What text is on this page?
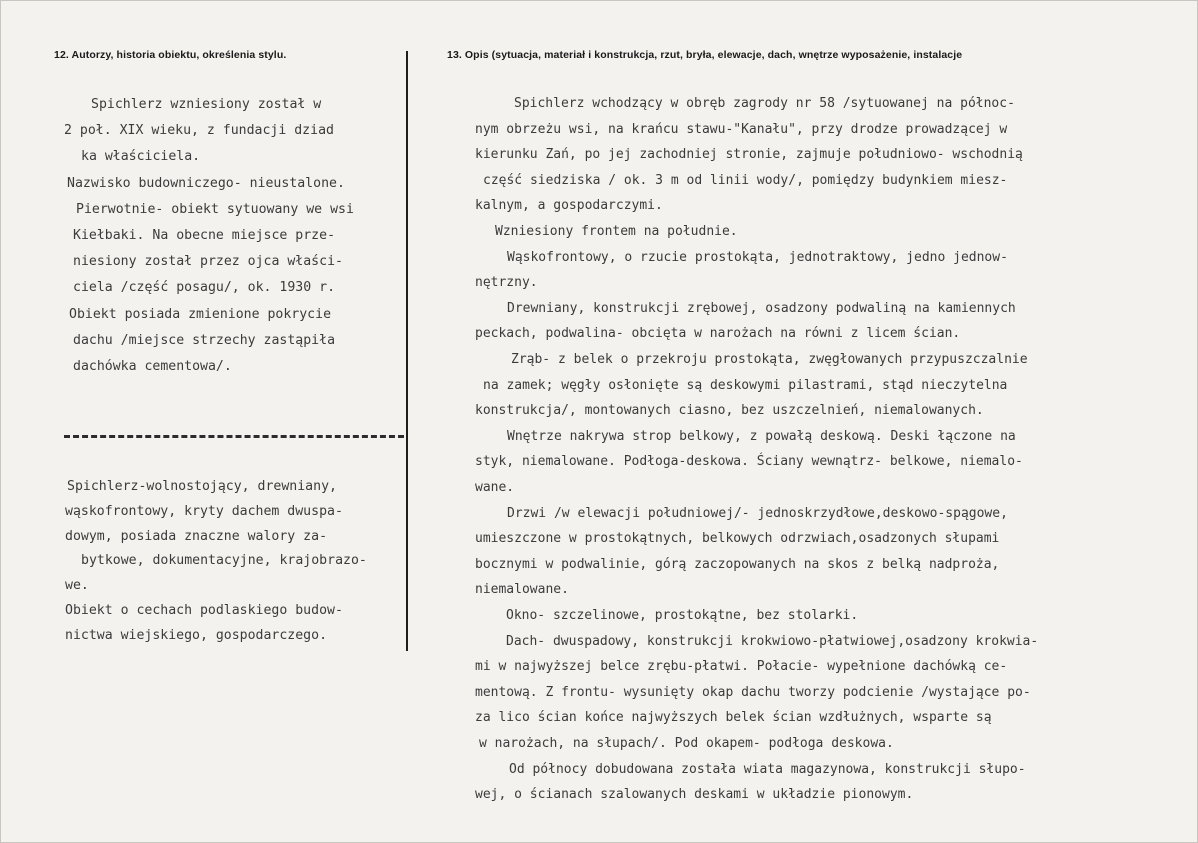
12. Autorzy, historia obiektu, określenia stylu.	13. Opis (sytuacja, materiał i konstrukcja, rzut, bryła, elewacje, dach, wnętrze wyposażenie, instalacje
Spichlerz wzniesiony został w
2 poł. XIX wieku, z fundacji dziad
ka właściciela.
Nazwisko budowniczego- nieustalone.
Pierwotnie- obiekt sytuowany we wsi
Kiełbaki. Na obecne miejsce prze-
niesiony został przez ojca właści-
ciela /część posagu/, ok. 1930 r.
Obiekt posiada zmienione pokrycie
dachu /miejsce strzechy zastąpiła
dachówka cementowa/.
Spichlerz-wolnostojący, drewniany,
wąskofrontowy, kryty dachem dwuspa-
dowym, posiada znaczne walory za-
bytkowe, dokumentacyjne, krajobrazo-
we.
Obiekt o cechach podlaskiego budow-
nictwa wiejskiego, gospodarczego.
Spichlerz wchodzący w obręb zagrody nr 58 /sytuowanej na północ-
nym obrzeżu wsi, na krańcu stawu-"Kanału", przy drodze prowadzącej w
kierunku Zań, po jej zachodniej stronie, zajmuje południowo- wschodnią
część siedziska / ok. 3 m od linii wody/, pomiędzy budynkiem miesz-
kalnym, a gospodarczymi.
Wzniesiony frontem na południe.
Wąskofrontowy, o rzucie prostokąta, jednotraktowy, jedno jednow-
nętrzny.
Drewniany, konstrukcji zrębowej, osadzony podwaliną na kamiennych
peckach, podwalina- obcięta w narożach na równi z licem ścian.
Zrąb- z belek o przekroju prostokąta, zwęgłowanych przypuszczalnie
na zamek; węgły osłonięte są deskowymi pilastrami, stąd nieczytelna
konstrukcja/, montowanych ciasno, bez uszczelnień, niemalowanych.
Wnętrze nakrywa strop belkowy, z powałą deskową. Deski łączone na
styk, niemalowane. Podłoga-deskowa. Ściany wewnątrz- belkowe, niemalo-
wane.
Drzwi /w elewacji południowej/- jednoskrzydłowe,deskowo-spągowe,
umieszczone w prostokątnych, belkowych odrzwiach,osadzonych słupami
bocznymi w podwalinie, górą zaczopowanych na skos z belką nadproża,
niemalowane.
Okno- szczelinowe, prostokątne, bez stolarki.
Dach- dwuspadowy, konstrukcji krokwiowo-płatwiowej,osadzony krokwia-
mi w najwyższej belce zrębu-płatwi. Połacie- wypełnione dachówką ce-
mentową. Z frontu- wysunięty okap dachu tworzy podcienie /wystające po-
za lico ścian końce najwyższych belek ścian wzdłużnych, wsparte są
w narożach, na słupach/. Pod okapem- podłoga deskowa.
Od północy dobudowana została wiata magazynowa, konstrukcji słupo-
wej, o ścianach szalowanych deskami w układzie pionowym.
